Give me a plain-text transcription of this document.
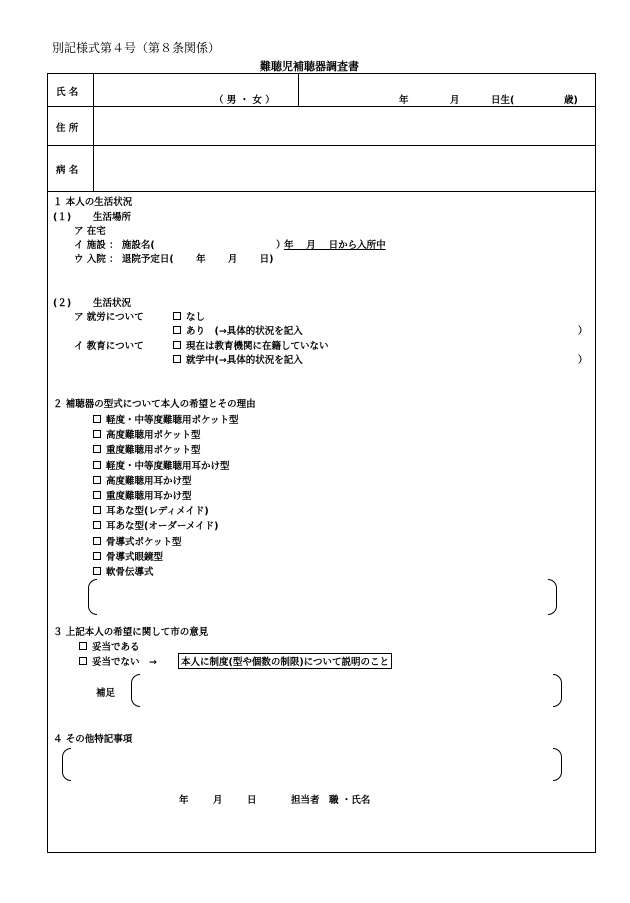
別記様式第４号（第８条関係）
難聴児補聴器調査書
氏 名
（ 男 ・ 女 ）	年	月	日生(	歳)
住 所
病 名
１ 本人の生活状況
(１) 生活場所
ア 在宅
イ 施設 ： 施設名(	）
年　 月　 日から入所中
ウ 入院 ： 退院予定日(　　 年　　 月　　 日)
(２) 生活状況
ア 就労について	なし
あり　(→具体的状況を記入	）
イ 教育について	現在は教育機関に在籍していない
就学中(→具体的状況を記入	）
２ 補聴器の型式について本人の希望とその理由
軽度・中等度難聴用ポケット型
高度難聴用ポケット型
重度難聴用ポケット型
軽度・中等度難聴用耳かけ型
高度難聴用耳かけ型
重度難聴用耳かけ型
耳あな型(レディメイド)
耳あな型(オーダーメイド)
骨導式ポケット型
骨導式眼鏡型
軟骨伝導式
３ 上記本人の希望に関して市の意見
妥当である
妥当でない　→	本人に制度(型や個数の制限)について説明のこと
補足
４ その他特記事項
年	月	日	担当者　職 ・氏名
